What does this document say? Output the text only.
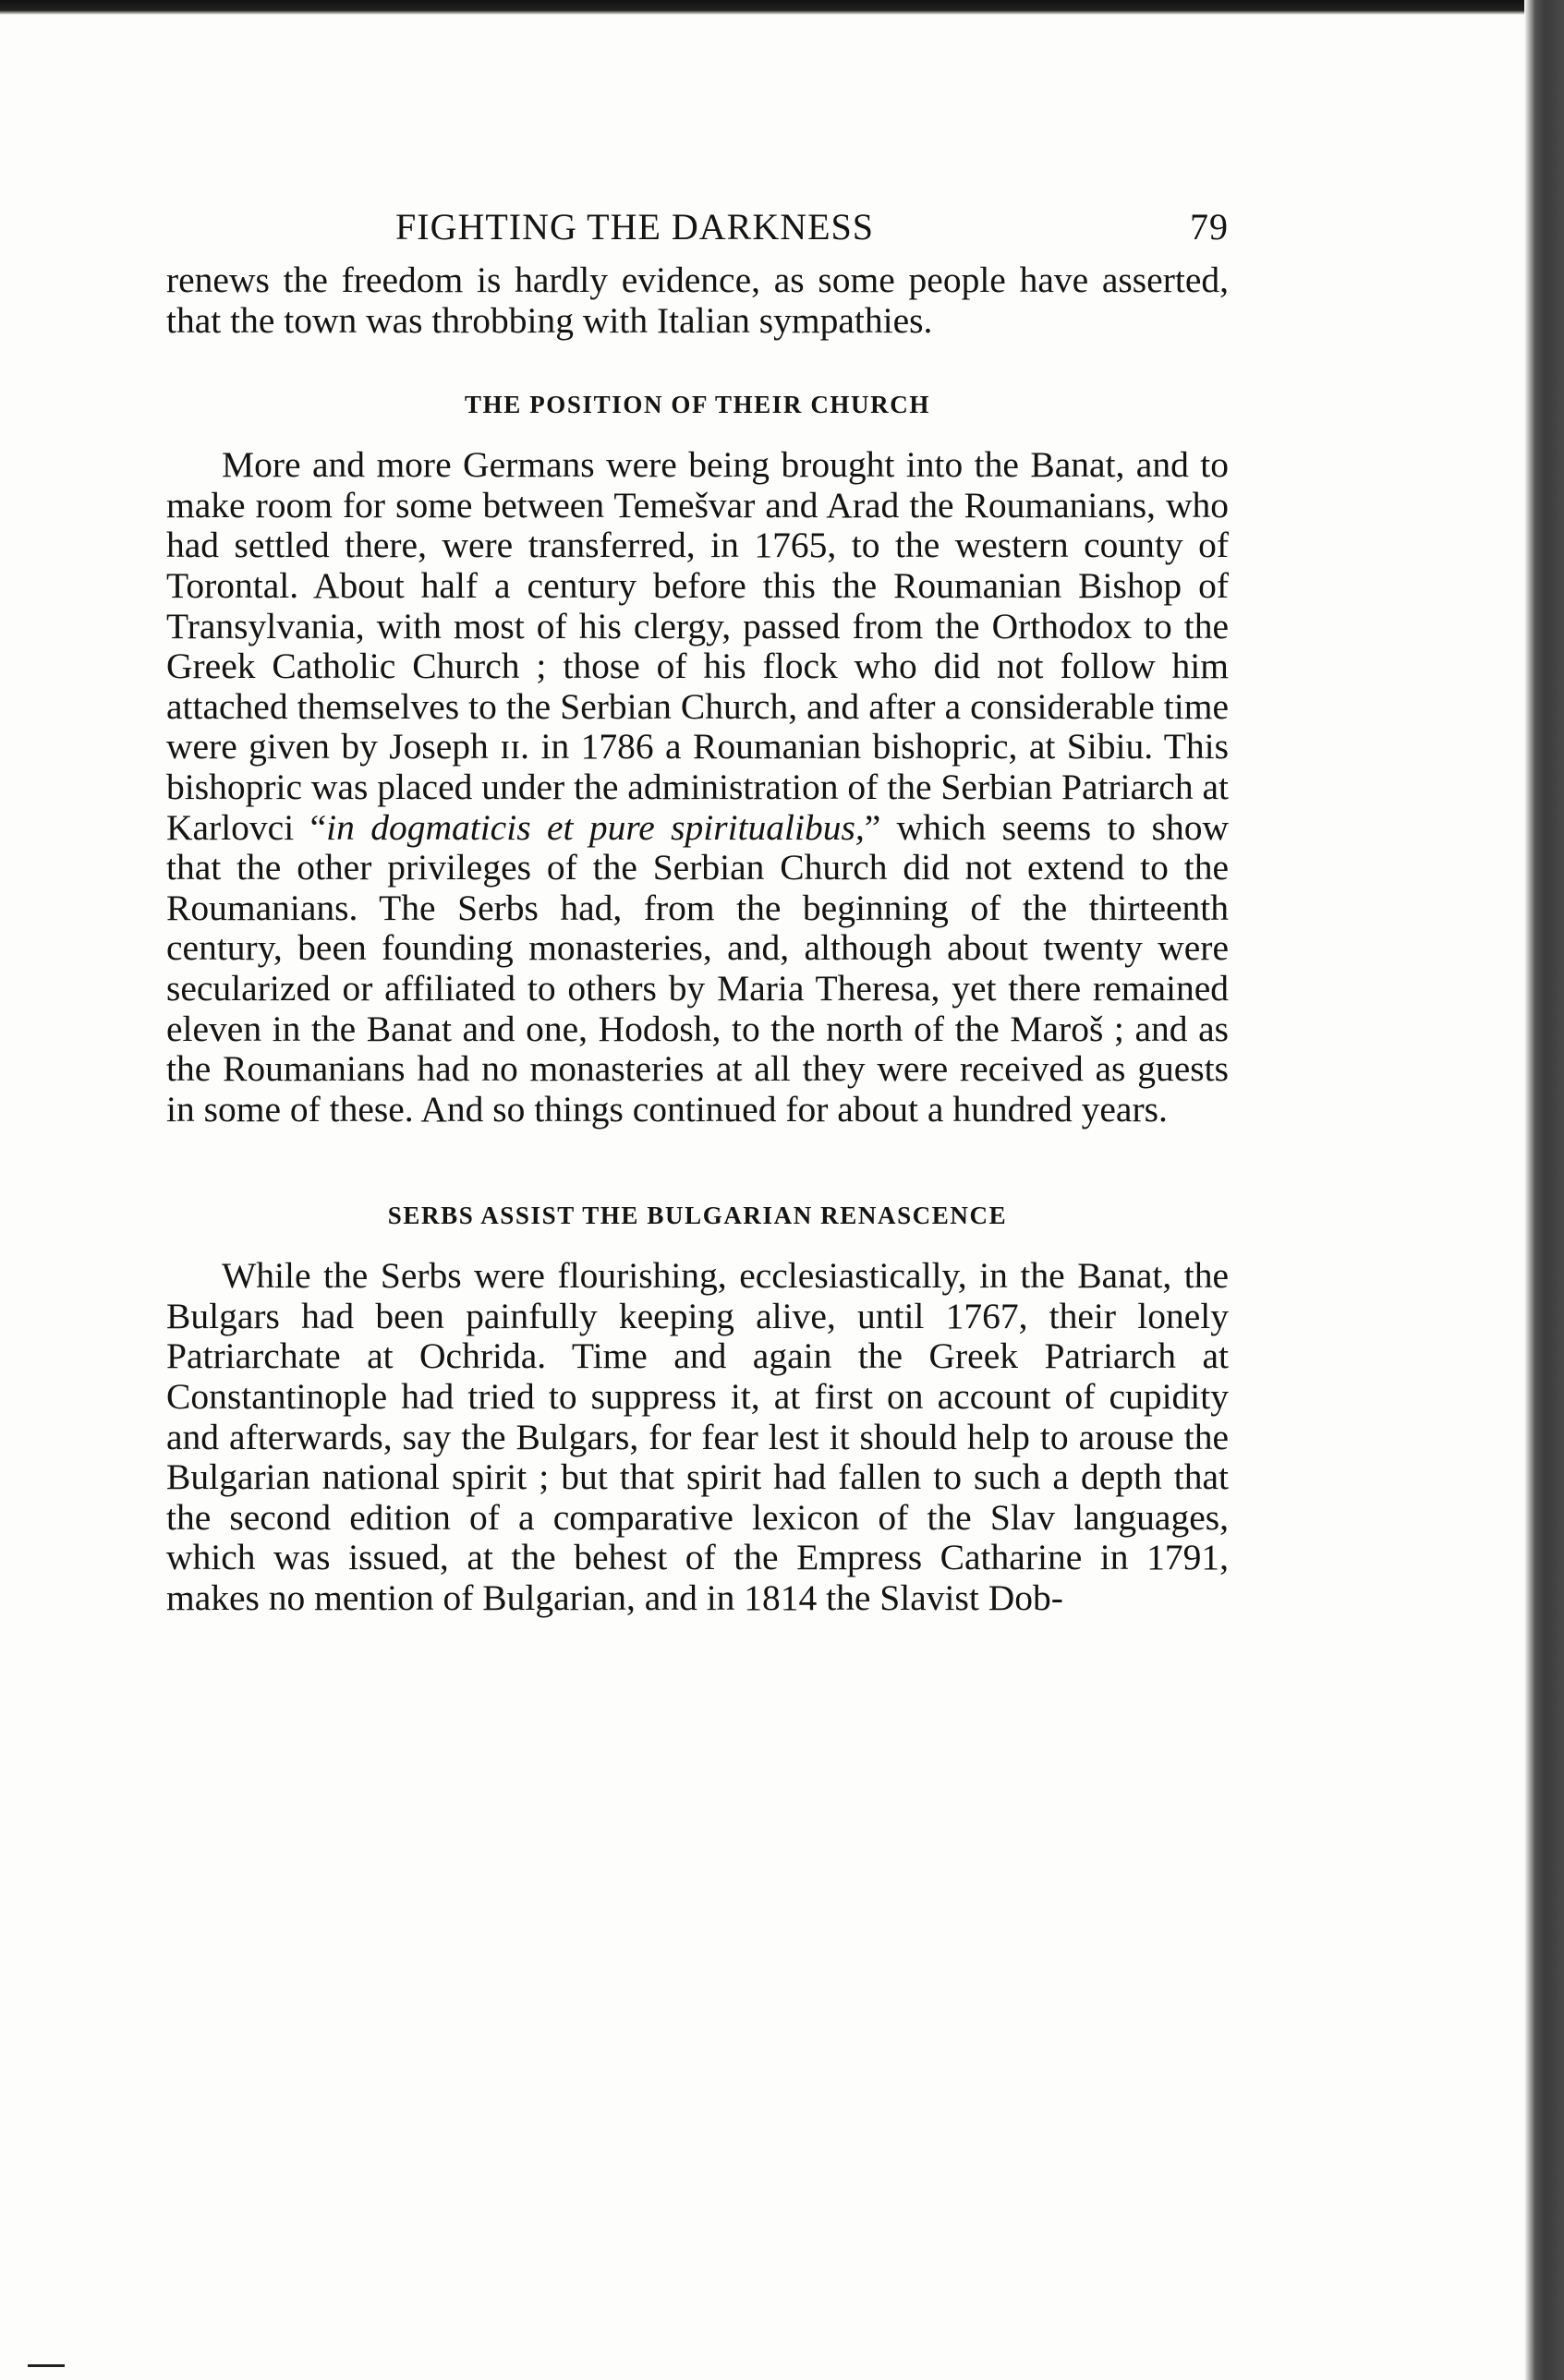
FIGHTING THE DARKNESS	79

renews the freedom is hardly evidence, as some people have asserted, that the town was throbbing with Italian sympathies.

THE POSITION OF THEIR CHURCH

More and more Germans were being brought into the Banat, and to make room for some between Temešvar and Arad the Roumanians, who had settled there, were transferred, in 1765, to the western county of Torontal. About half a century before this the Roumanian Bishop of Transylvania, with most of his clergy, passed from the Orthodox to the Greek Catholic Church ; those of his flock who did not follow him attached themselves to the Serbian Church, and after a considerable time were given by Joseph ɪɪ. in 1786 a Roumanian bishopric, at Sibiu. This bishopric was placed under the administration of the Serbian Patriarch at Karlovci “in dogmaticis et pure spiritualibus,” which seems to show that the other privileges of the Serbian Church did not extend to the Roumanians. The Serbs had, from the beginning of the thirteenth century, been founding monasteries, and, although about twenty were secularized or affiliated to others by Maria Theresa, yet there remained eleven in the Banat and one, Hodosh, to the north of the Maroš ; and as the Roumanians had no monasteries at all they were received as guests in some of these. And so things continued for about a hundred years.

SERBS ASSIST THE BULGARIAN RENASCENCE

While the Serbs were flourishing, ecclesiastically, in the Banat, the Bulgars had been painfully keeping alive, until 1767, their lonely Patriarchate at Ochrida. Time and again the Greek Patriarch at Constantinople had tried to suppress it, at first on account of cupidity and afterwards, say the Bulgars, for fear lest it should help to arouse the Bulgarian national spirit ; but that spirit had fallen to such a depth that the second edition of a comparative lexicon of the Slav languages, which was issued, at the behest of the Empress Catharine in 1791, makes no mention of Bulgarian, and in 1814 the Slavist Dob-
